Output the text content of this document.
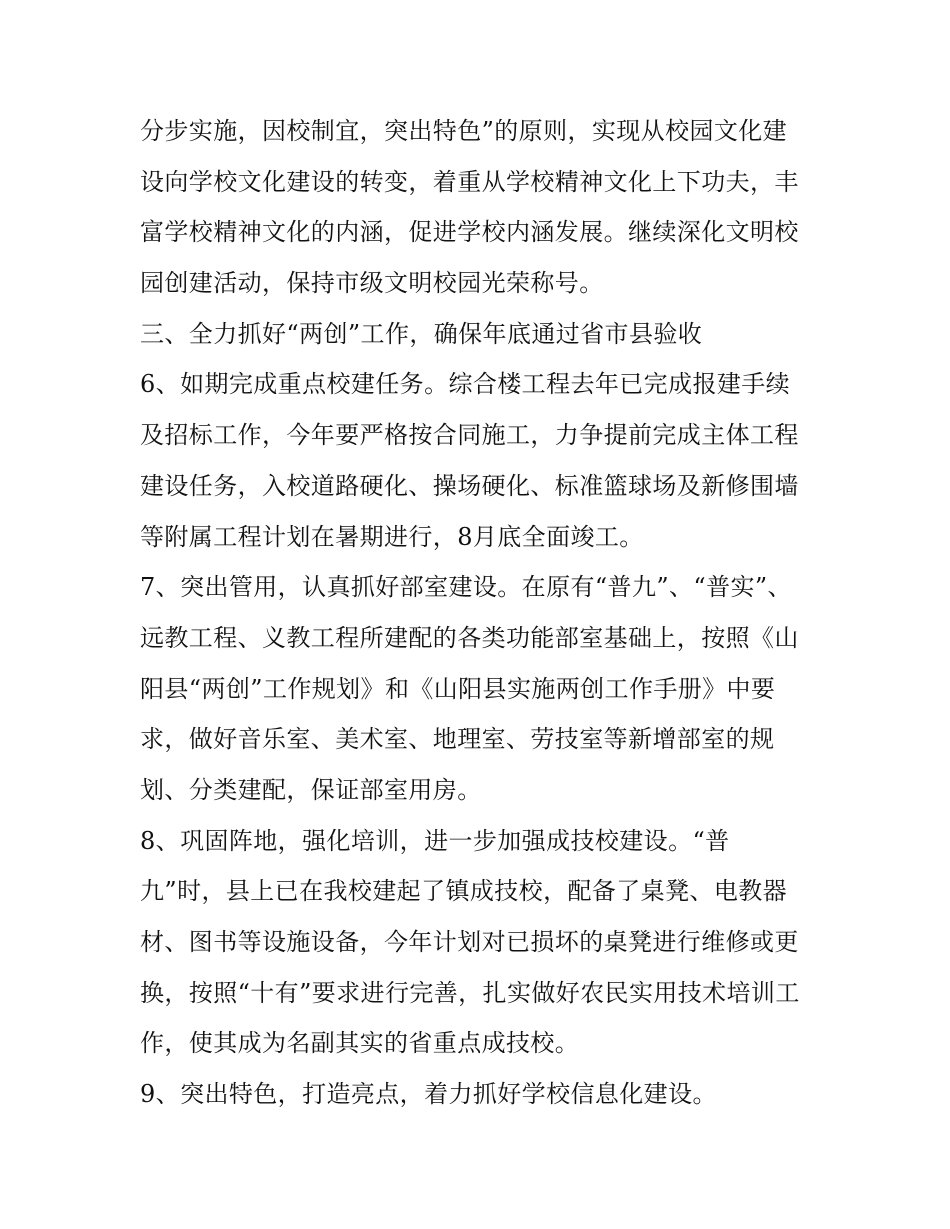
分步实施，因校制宜，突出特色”的原则，实现从校园文化建
设向学校文化建设的转变，着重从学校精神文化上下功夫，丰
富学校精神文化的内涵，促进学校内涵发展。继续深化文明校
园创建活动，保持市级文明校园光荣称号。
三、全力抓好“两创”工作，确保年底通过省市县验收
6、如期完成重点校建任务。综合楼工程去年已完成报建手续
及招标工作，今年要严格按合同施工，力争提前完成主体工程
建设任务，入校道路硬化、操场硬化、标准篮球场及新修围墙
等附属工程计划在暑期进行，8月底全面竣工。
7、突出管用，认真抓好部室建设。在原有“普九”、“普实”、
远教工程、义教工程所建配的各类功能部室基础上，按照《山
阳县“两创”工作规划》和《山阳县实施两创工作手册》中要
求，做好音乐室、美术室、地理室、劳技室等新增部室的规
划、分类建配，保证部室用房。
8、巩固阵地，强化培训，进一步加强成技校建设。“普
九”时，县上已在我校建起了镇成技校，配备了桌凳、电教器
材、图书等设施设备，今年计划对已损坏的桌凳进行维修或更
换，按照“十有”要求进行完善，扎实做好农民实用技术培训工
作，使其成为名副其实的省重点成技校。
9、突出特色，打造亮点，着力抓好学校信息化建设。
